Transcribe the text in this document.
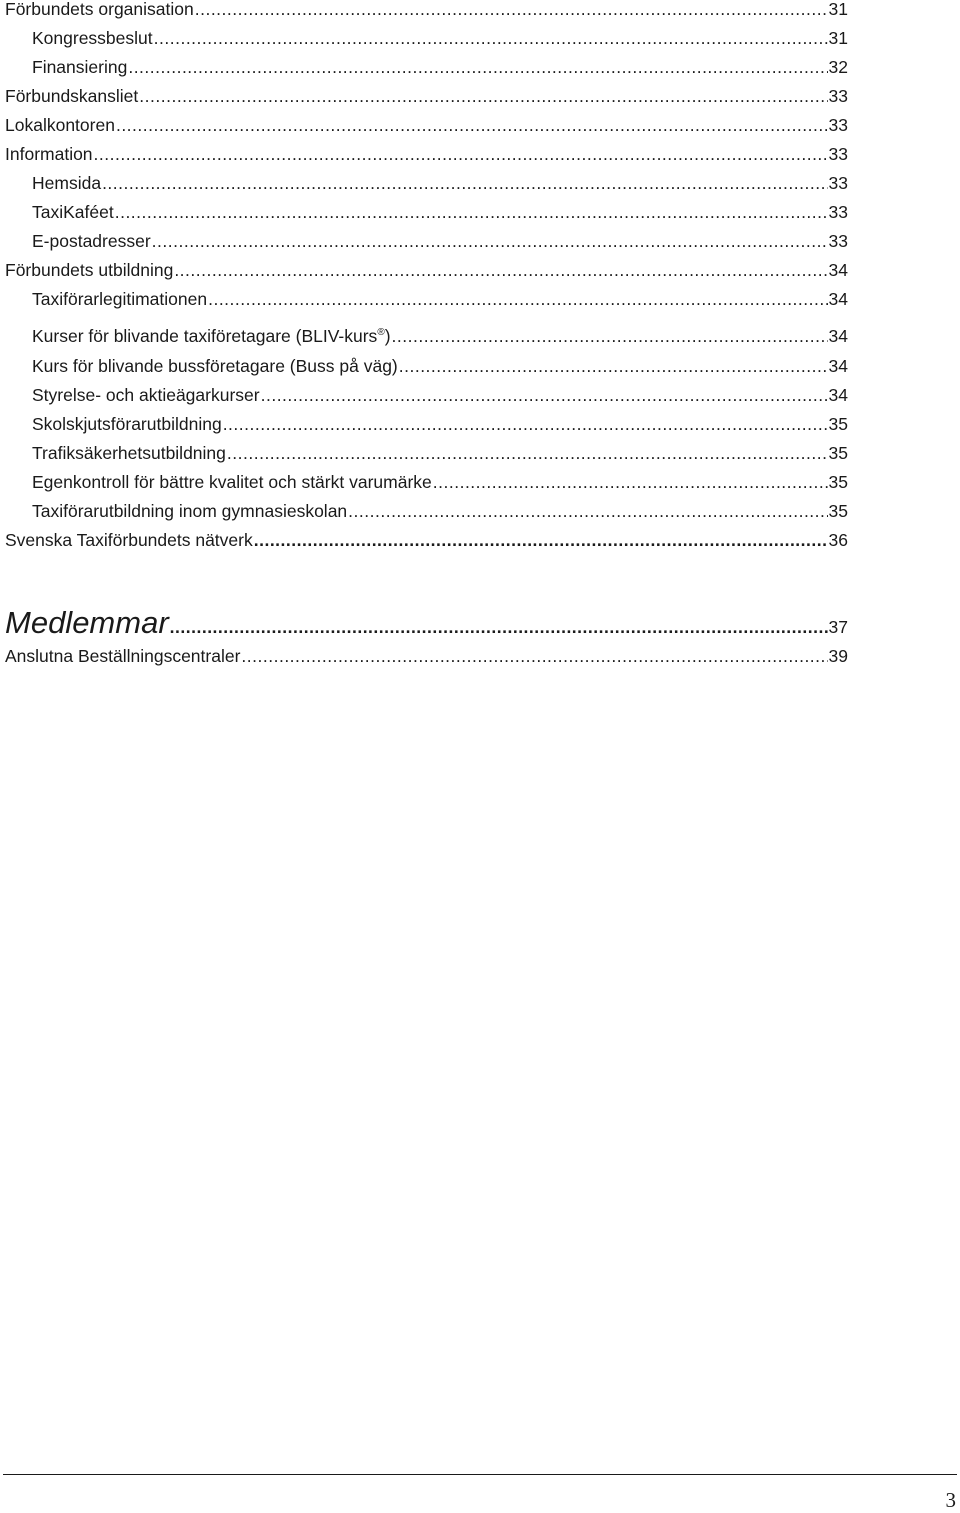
Förbundets organisation .....	31
Kongressbeslut .....	31
Finansiering .....	32
Förbundskansliet .....	33
Lokalkontoren .....	33
Information .....	33
Hemsida .....	33
TaxiKaféet .....	33
E-postadresser .....	33
Förbundets utbildning .....	34
Taxiförarlegitimationen .....	34
Kurser för blivande taxiföretagare (BLIV-kurs®) .....	34
Kurs för blivande bussföretagare (Buss på väg) .....	34
Styrelse- och aktieägarkurser .....	34
Skolskjutsförarutbildning .....	35
Trafiksäkerhetsutbildning .....	35
Egenkontroll för bättre kvalitet och stärkt varumärke .....	35
Taxiförarutbildning inom gymnasieskolan .....	35
Svenska Taxiförbundets nätverk .....	36
Medlemmar .....	37
Anslutna Beställningscentraler .....	39
3
